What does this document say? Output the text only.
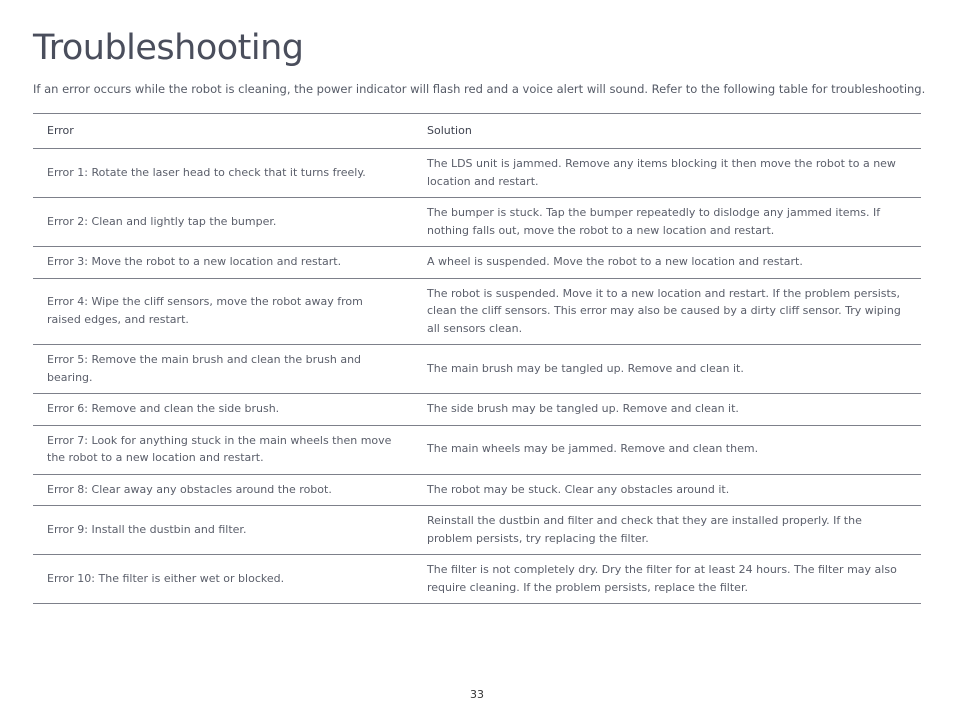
Troubleshooting

If an error occurs while the robot is cleaning, the power indicator will flash red and a voice alert will sound. Refer to the following table for troubleshooting.

Error	Solution
Error 1: Rotate the laser head to check that it turns freely.	The LDS unit is jammed. Remove any items blocking it then move the robot to a new location and restart.
Error 2: Clean and lightly tap the bumper.	The bumper is stuck. Tap the bumper repeatedly to dislodge any jammed items. If nothing falls out, move the robot to a new location and restart.
Error 3: Move the robot to a new location and restart.	A wheel is suspended. Move the robot to a new location and restart.
Error 4: Wipe the cliff sensors, move the robot away from raised edges, and restart.	The robot is suspended. Move it to a new location and restart. If the problem persists, clean the cliff sensors. This error may also be caused by a dirty cliff sensor. Try wiping all sensors clean.
Error 5: Remove the main brush and clean the brush and bearing.	The main brush may be tangled up. Remove and clean it.
Error 6: Remove and clean the side brush.	The side brush may be tangled up. Remove and clean it.
Error 7: Look for anything stuck in the main wheels then move the robot to a new location and restart.	The main wheels may be jammed. Remove and clean them.
Error 8: Clear away any obstacles around the robot.	The robot may be stuck. Clear any obstacles around it.
Error 9: Install the dustbin and filter.	Reinstall the dustbin and filter and check that they are installed properly. If the problem persists, try replacing the filter.
Error 10: The filter is either wet or blocked.	The filter is not completely dry. Dry the filter for at least 24 hours. The filter may also require cleaning. If the problem persists, replace the filter.
33
